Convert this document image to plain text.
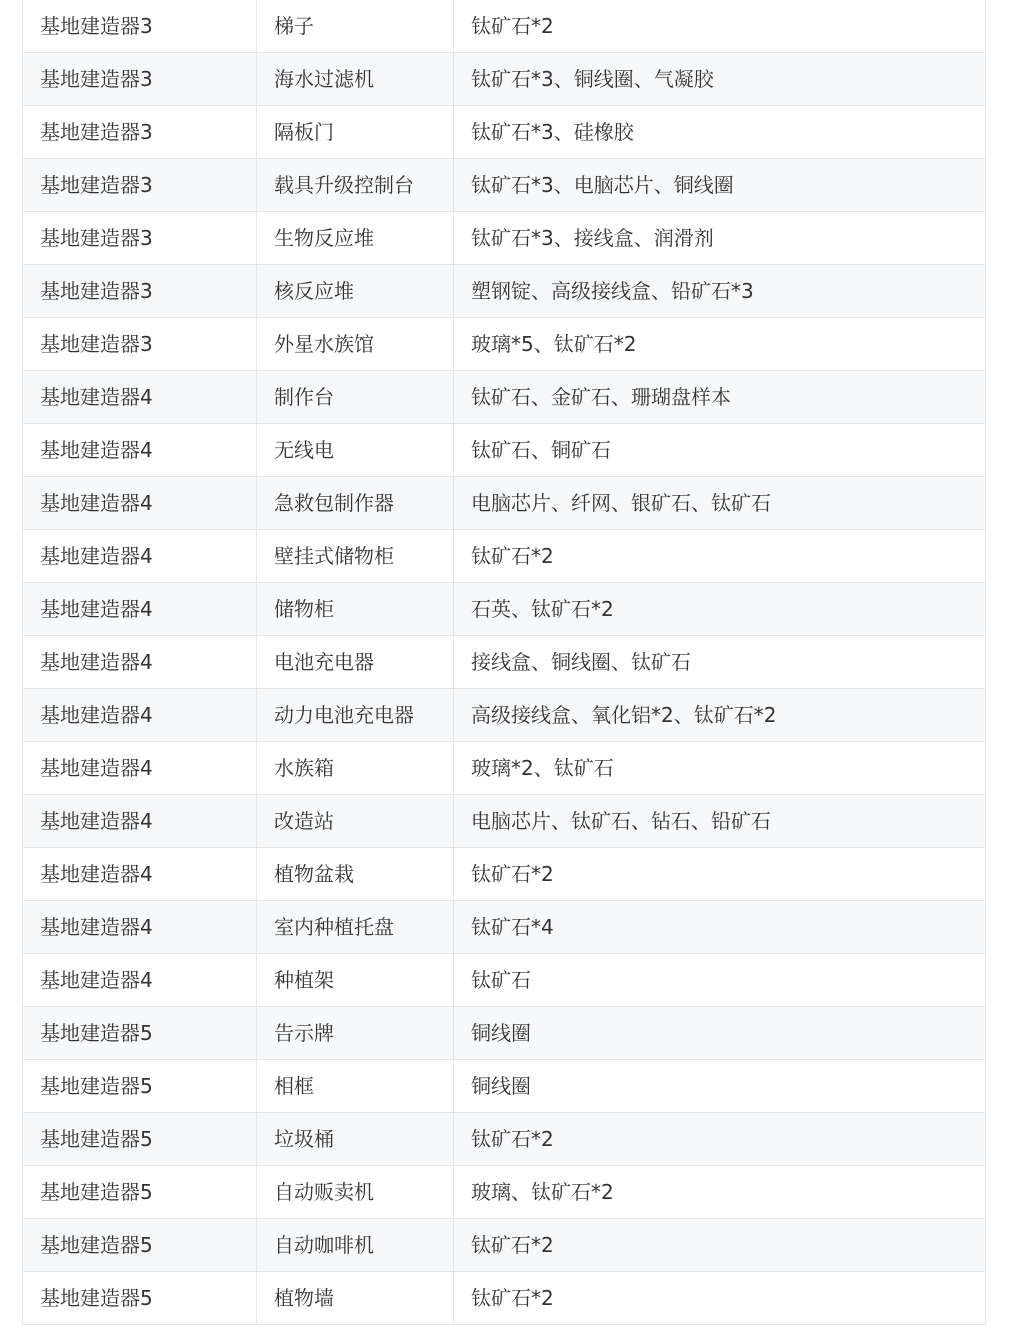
基地建造器3	梯子	钛矿石*2
基地建造器3	海水过滤机	钛矿石*3、铜线圈、气凝胶
基地建造器3	隔板门	钛矿石*3、硅橡胶
基地建造器3	载具升级控制台	钛矿石*3、电脑芯片、铜线圈
基地建造器3	生物反应堆	钛矿石*3、接线盒、润滑剂
基地建造器3	核反应堆	塑钢锭、高级接线盒、铅矿石*3
基地建造器3	外星水族馆	玻璃*5、钛矿石*2
基地建造器4	制作台	钛矿石、金矿石、珊瑚盘样本
基地建造器4	无线电	钛矿石、铜矿石
基地建造器4	急救包制作器	电脑芯片、纤网、银矿石、钛矿石
基地建造器4	壁挂式储物柜	钛矿石*2
基地建造器4	储物柜	石英、钛矿石*2
基地建造器4	电池充电器	接线盒、铜线圈、钛矿石
基地建造器4	动力电池充电器	高级接线盒、氧化铝*2、钛矿石*2
基地建造器4	水族箱	玻璃*2、钛矿石
基地建造器4	改造站	电脑芯片、钛矿石、钻石、铅矿石
基地建造器4	植物盆栽	钛矿石*2
基地建造器4	室内种植托盘	钛矿石*4
基地建造器4	种植架	钛矿石
基地建造器5	告示牌	铜线圈
基地建造器5	相框	铜线圈
基地建造器5	垃圾桶	钛矿石*2
基地建造器5	自动贩卖机	玻璃、钛矿石*2
基地建造器5	自动咖啡机	钛矿石*2
基地建造器5	植物墙	钛矿石*2
